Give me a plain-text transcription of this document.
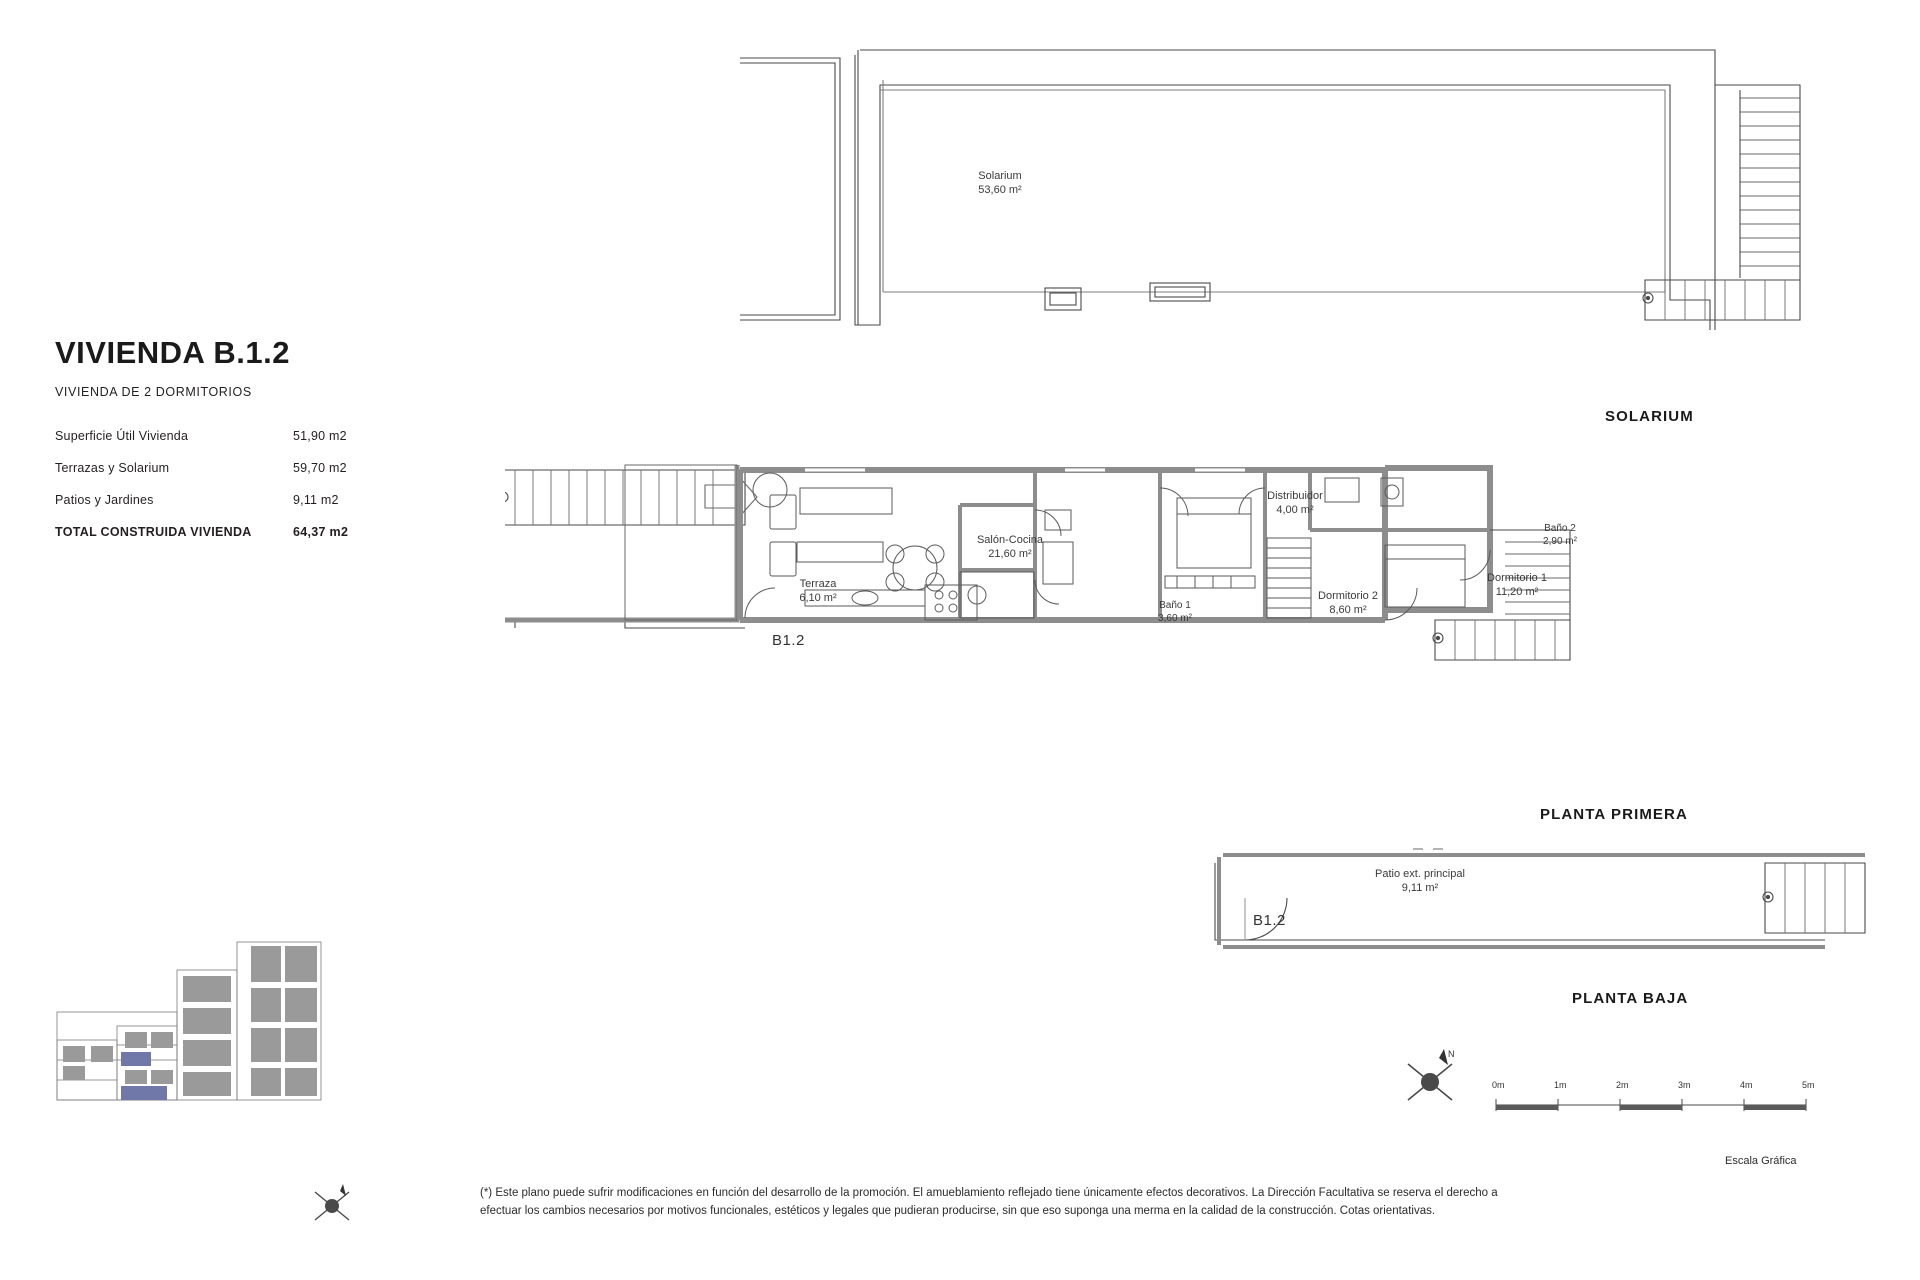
VIVIENDA B.1.2
VIVIENDA DE 2 DORMITORIOS
Superficie Útil Vivienda	51,90 m2
Terrazas y Solarium	59,70 m2
Patios y Jardines	9,11 m2
TOTAL CONSTRUIDA VIVIENDA	64,37 m2
Solarium
53,60 m²
SOLARIUM
Terraza
6,10 m²
B1.2
Salón-Cocina
21,60 m²
Baño 1
3,60 m²
Distribuidor
4,00 m²
Dormitorio 2
8,60 m²
Dormitorio 1
11,20 m²
Baño 2
2,90 m²
PLANTA PRIMERA
Patio ext. principal
9,11 m²
B1.2
PLANTA BAJA
N
0m	1m	2m	3m	4m	5m
Escala Gráfica
(*) Este plano puede sufrir modificaciones en función del desarrollo de la promoción. El amueblamiento reflejado tiene únicamente efectos decorativos. La Dirección Facultativa se reserva el derecho a
efectuar los cambios necesarios por motivos funcionales, estéticos y legales que pudieran producirse, sin que eso suponga una merma en la calidad de la construcción. Cotas orientativas.
